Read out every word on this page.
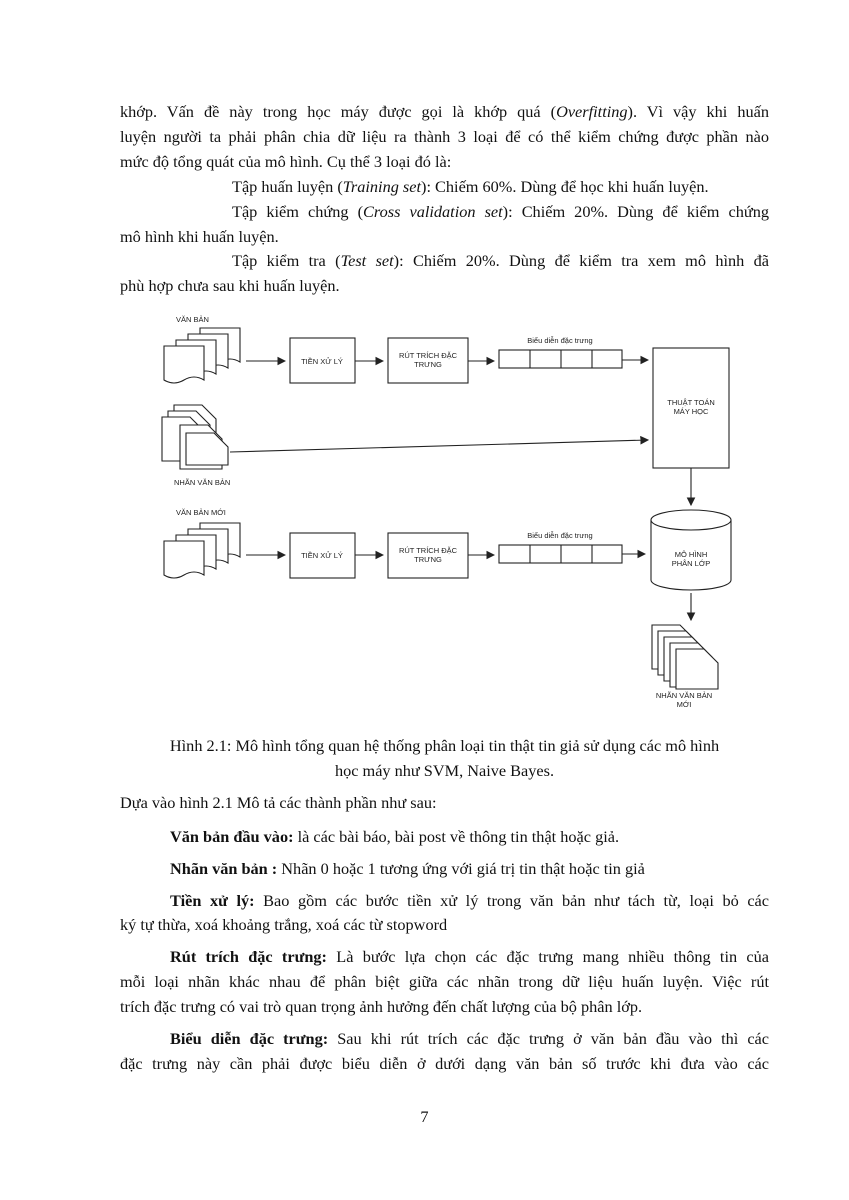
khớp. Vấn đề này trong học máy được gọi là khớp quá (Overfitting). Vì vậy khi huấn
luyện người ta phải phân chia dữ liệu ra thành 3 loại để có thể kiểm chứng được phần nào
mức độ tổng quát của mô hình. Cụ thể 3 loại đó là:
Tập huấn luyện (Training set): Chiếm 60%. Dùng để học khi huấn luyện.
Tập kiểm chứng (Cross validation set): Chiếm 20%. Dùng để kiểm chứng
mô hình khi huấn luyện.
Tập kiểm tra (Test set): Chiếm 20%. Dùng để kiểm tra xem mô hình đã
phù hợp chưa sau khi huấn luyện.
VĂN BẢN
TIỀN XỬ LÝ
RÚT TRÍCH ĐẶC
TRƯNG
Biểu diễn đặc trưng
THUẬT TOÁN
MÁY HỌC
NHÃN VĂN BẢN
VĂN BẢN MỚI
TIỀN XỬ LÝ
RÚT TRÍCH ĐẶC
TRƯNG
Biểu diễn đặc trưng
MÔ HÌNH
PHÂN LỚP
NHÃN VĂN BẢN
MỚI
Hình 2.1: Mô hình tổng quan hệ thống phân loại tin thật tin giả sử dụng các mô hình
học máy như SVM, Naive Bayes.
Dựa vào hình 2.1 Mô tả các thành phần như sau:
Văn bản đầu vào: là các bài báo, bài post về thông tin thật hoặc giả.
Nhãn văn bản : Nhãn 0 hoặc 1 tương ứng với giá trị tin thật hoặc tin giả
Tiền xử lý: Bao gồm các bước tiền xử lý trong văn bản như tách từ, loại bỏ các
ký tự thừa, xoá khoảng trắng, xoá các từ stopword
Rút trích đặc trưng: Là bước lựa chọn các đặc trưng mang nhiều thông tin của
mỗi loại nhãn khác nhau để phân biệt giữa các nhãn trong dữ liệu huấn luyện. Việc rút
trích đặc trưng có vai trò quan trọng ảnh hưởng đến chất lượng của bộ phân lớp.
Biểu diễn đặc trưng: Sau khi rút trích các đặc trưng ở văn bản đầu vào thì các
đặc trưng này cần phải được biểu diễn ở dưới dạng văn bản số trước khi đưa vào các
7
